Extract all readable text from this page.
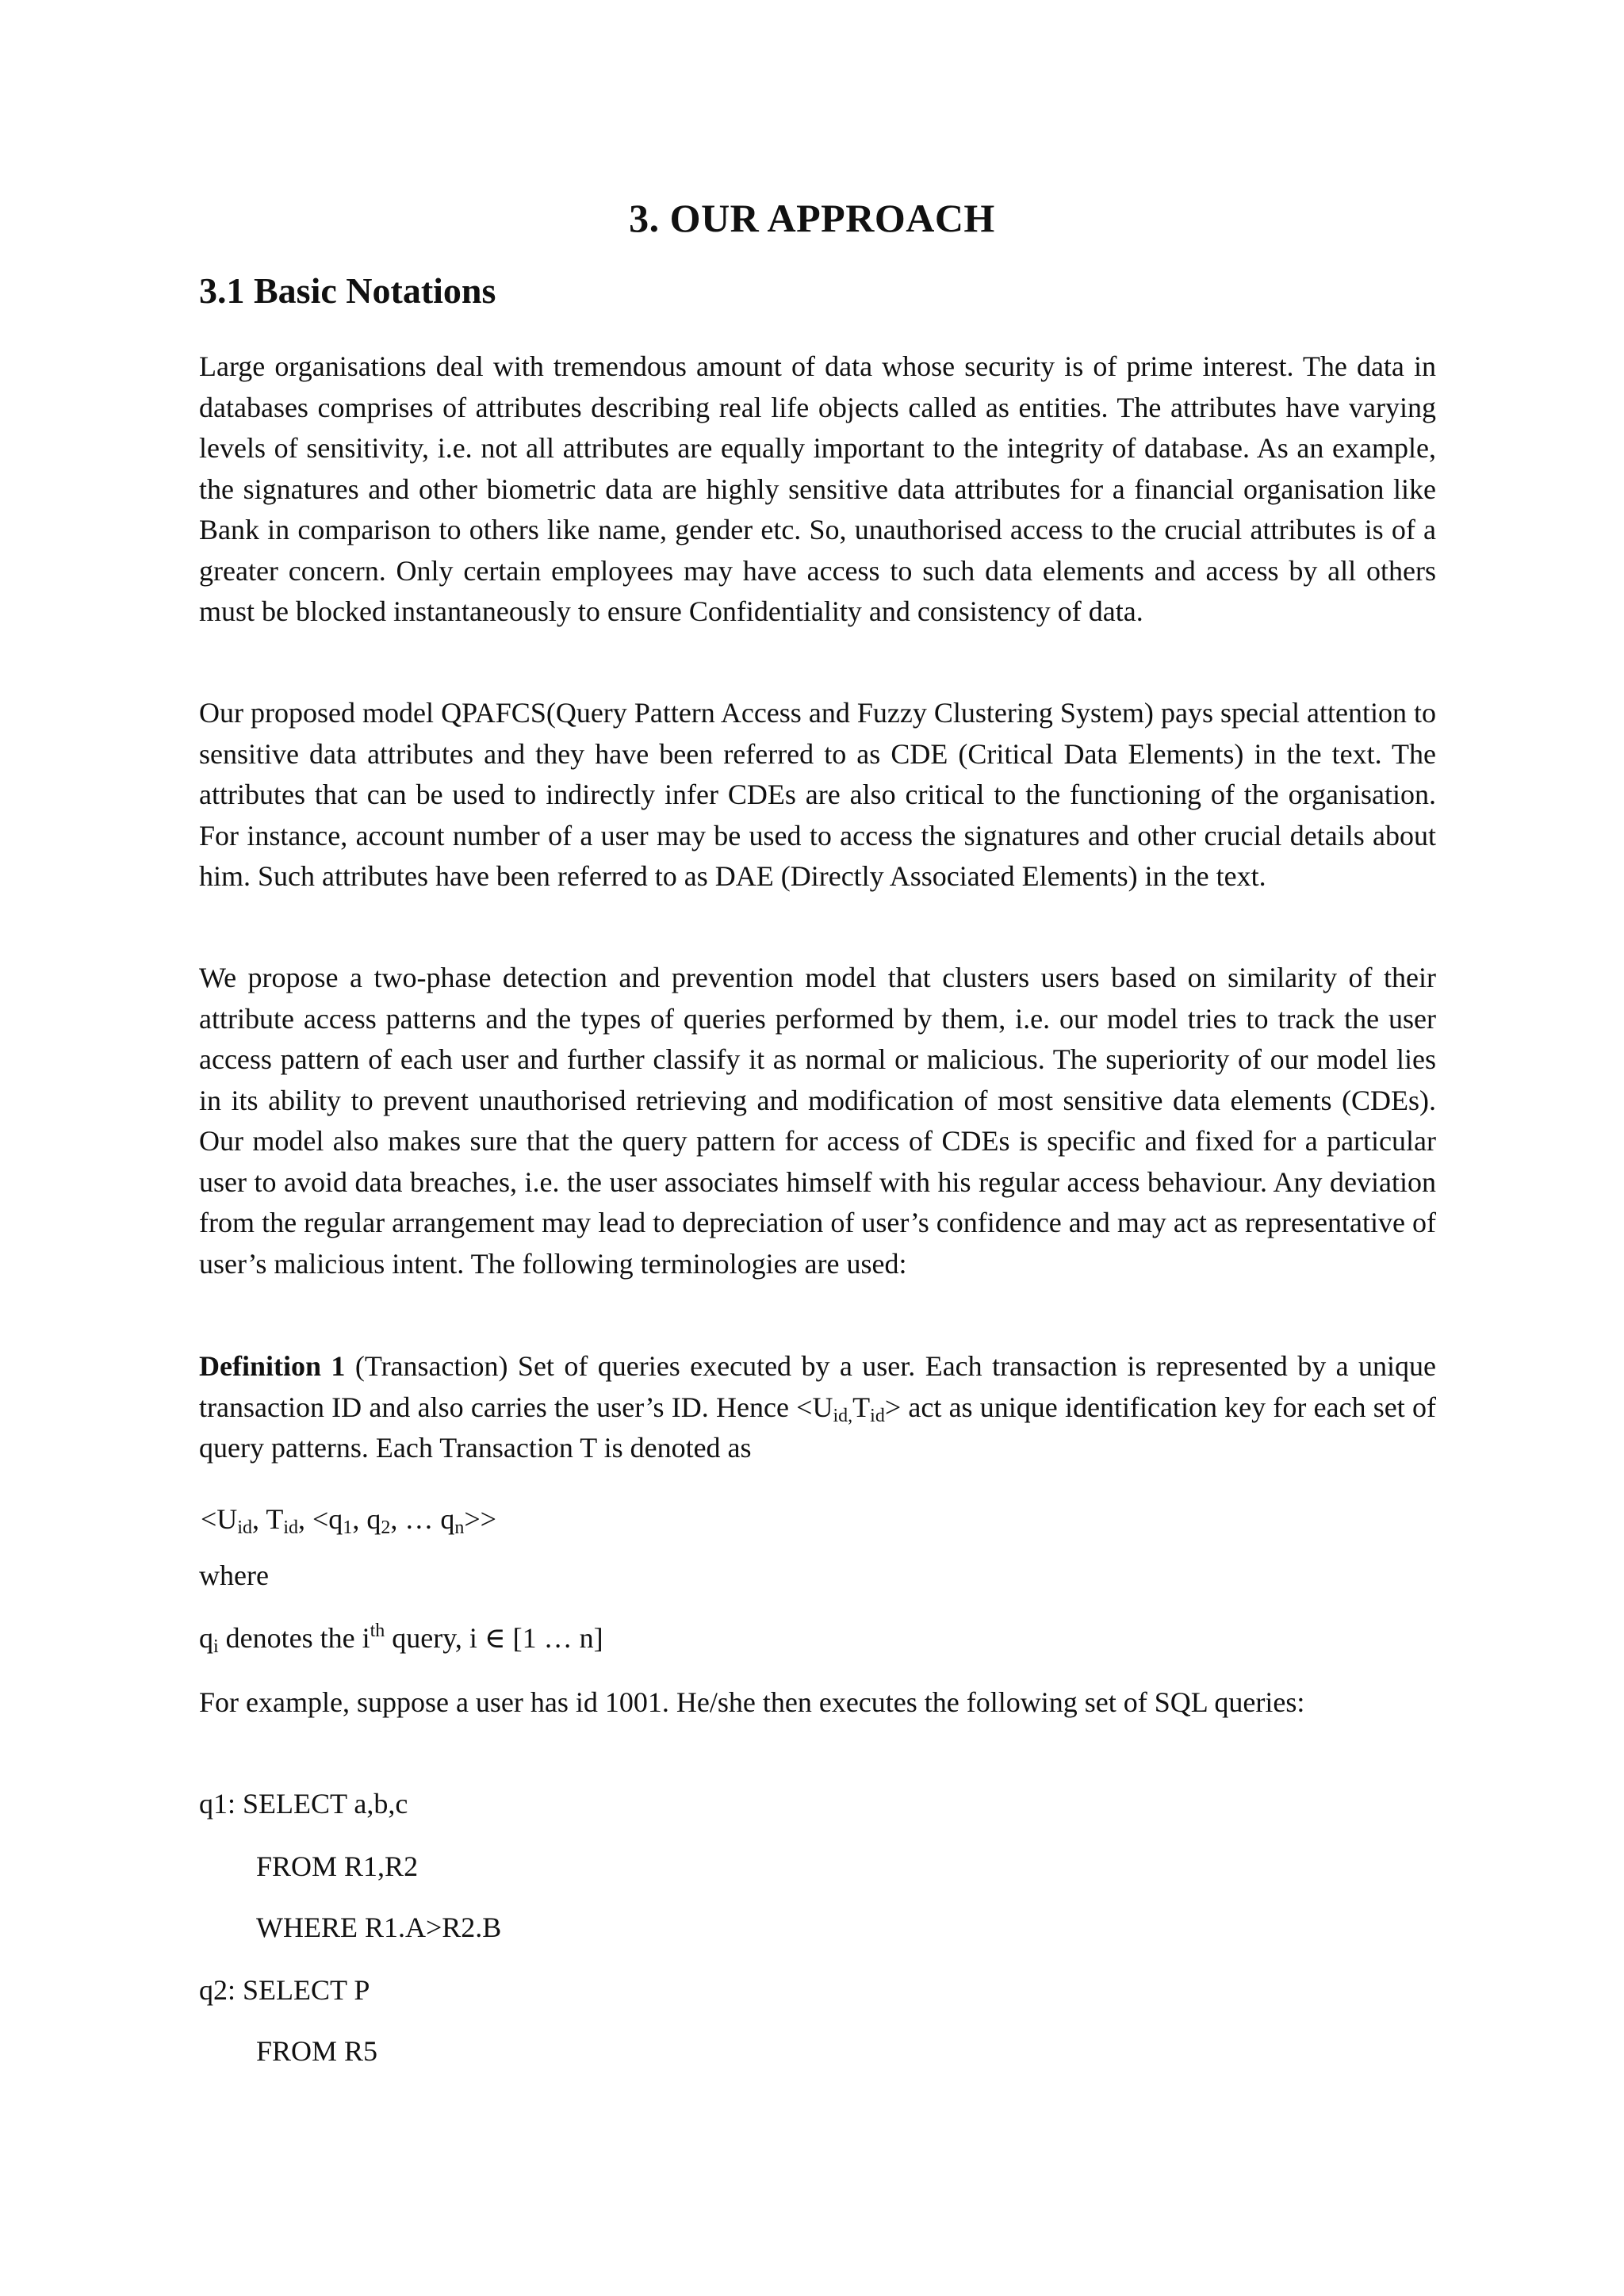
3. OUR APPROACH
3.1 Basic Notations

Large organisations deal with tremendous amount of data whose security is of prime interest. The data in databases comprises of attributes describing real life objects called as entities. The attributes have varying levels of sensitivity, i.e. not all attributes are equally important to the integrity of database. As an example, the signatures and other biometric data are highly sensitive data attributes for a financial organisation like Bank in comparison to others like name, gender etc. So, unauthorised access to the crucial attributes is of a greater concern. Only certain employees may have access to such data elements and access by all others must be blocked instantaneously to ensure Confidentiality and consistency of data.

Our proposed model QPAFCS(Query Pattern Access and Fuzzy Clustering System) pays special attention to sensitive data attributes and they have been referred to as CDE (Critical Data Elements) in the text. The attributes that can be used to indirectly infer CDEs are also critical to the functioning of the organisation. For instance, account number of a user may be used to access the signatures and other crucial details about him. Such attributes have been referred to as DAE (Directly Associated Elements) in the text.

We propose a two-phase detection and prevention model that clusters users based on similarity of their attribute access patterns and the types of queries performed by them, i.e. our model tries to track the user access pattern of each user and further classify it as normal or malicious. The superiority of our model lies in its ability to prevent unauthorised retrieving and modification of most sensitive data elements (CDEs). Our model also makes sure that the query pattern for access of CDEs is specific and fixed for a particular user to avoid data breaches, i.e. the user associates himself with his regular access behaviour. Any deviation from the regular arrangement may lead to depreciation of user’s confidence and may act as representative of user’s malicious intent. The following terminologies are used:

Definition 1 (Transaction) Set of queries executed by a user. Each transaction is represented by a unique transaction ID and also carries the user’s ID. Hence $<U_{id,}T_{id}>$ act as unique identification key for each set of query patterns. Each Transaction T is denoted as

$<U_{id}$, $T_{id}$, $<q_1$, $q_2$, … $q_n>>$

where

$q_i$ denotes the $i^{th}$ query, i ∈ [1 … n]

For example, suppose a user has id 1001. He/she then executes the following set of SQL queries:

q1: SELECT a,b,c

FROM R1,R2

WHERE R1.A>R2.B

q2: SELECT P

FROM R5
